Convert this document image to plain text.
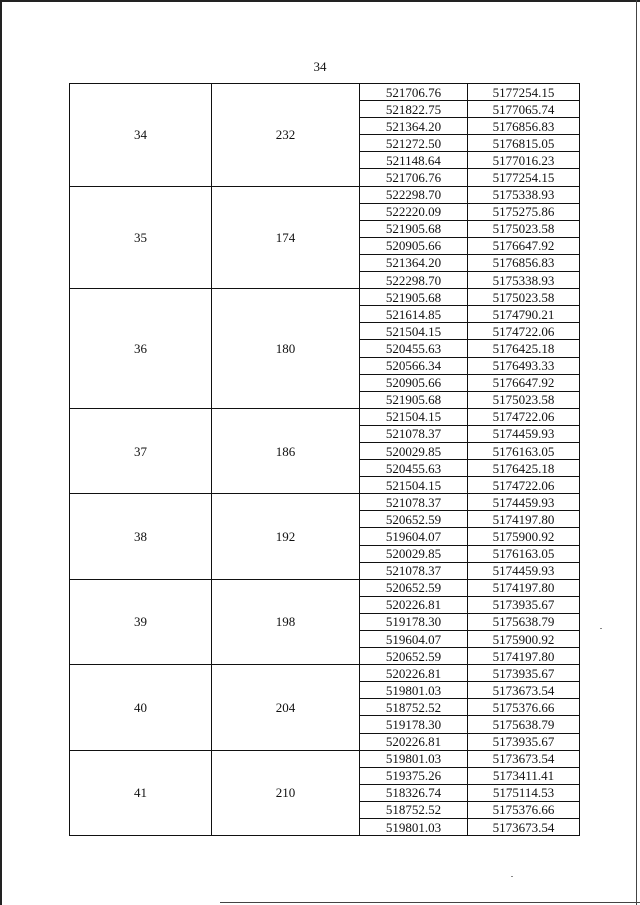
34
34	232	521706.76	5177254.15
		521822.75	5177065.74
		521364.20	5176856.83
		521272.50	5176815.05
		521148.64	5177016.23
		521706.76	5177254.15
35	174	522298.70	5175338.93
		522220.09	5175275.86
		521905.68	5175023.58
		520905.66	5176647.92
		521364.20	5176856.83
		522298.70	5175338.93
36	180	521905.68	5175023.58
		521614.85	5174790.21
		521504.15	5174722.06
		520455.63	5176425.18
		520566.34	5176493.33
		520905.66	5176647.92
		521905.68	5175023.58
37	186	521504.15	5174722.06
		521078.37	5174459.93
		520029.85	5176163.05
		520455.63	5176425.18
		521504.15	5174722.06
38	192	521078.37	5174459.93
		520652.59	5174197.80
		519604.07	5175900.92
		520029.85	5176163.05
		521078.37	5174459.93
39	198	520652.59	5174197.80
		520226.81	5173935.67
		519178.30	5175638.79
		519604.07	5175900.92
		520652.59	5174197.80
40	204	520226.81	5173935.67
		519801.03	5173673.54
		518752.52	5175376.66
		519178.30	5175638.79
		520226.81	5173935.67
41	210	519801.03	5173673.54
		519375.26	5173411.41
		518326.74	5175114.53
		518752.52	5175376.66
		519801.03	5173673.54
